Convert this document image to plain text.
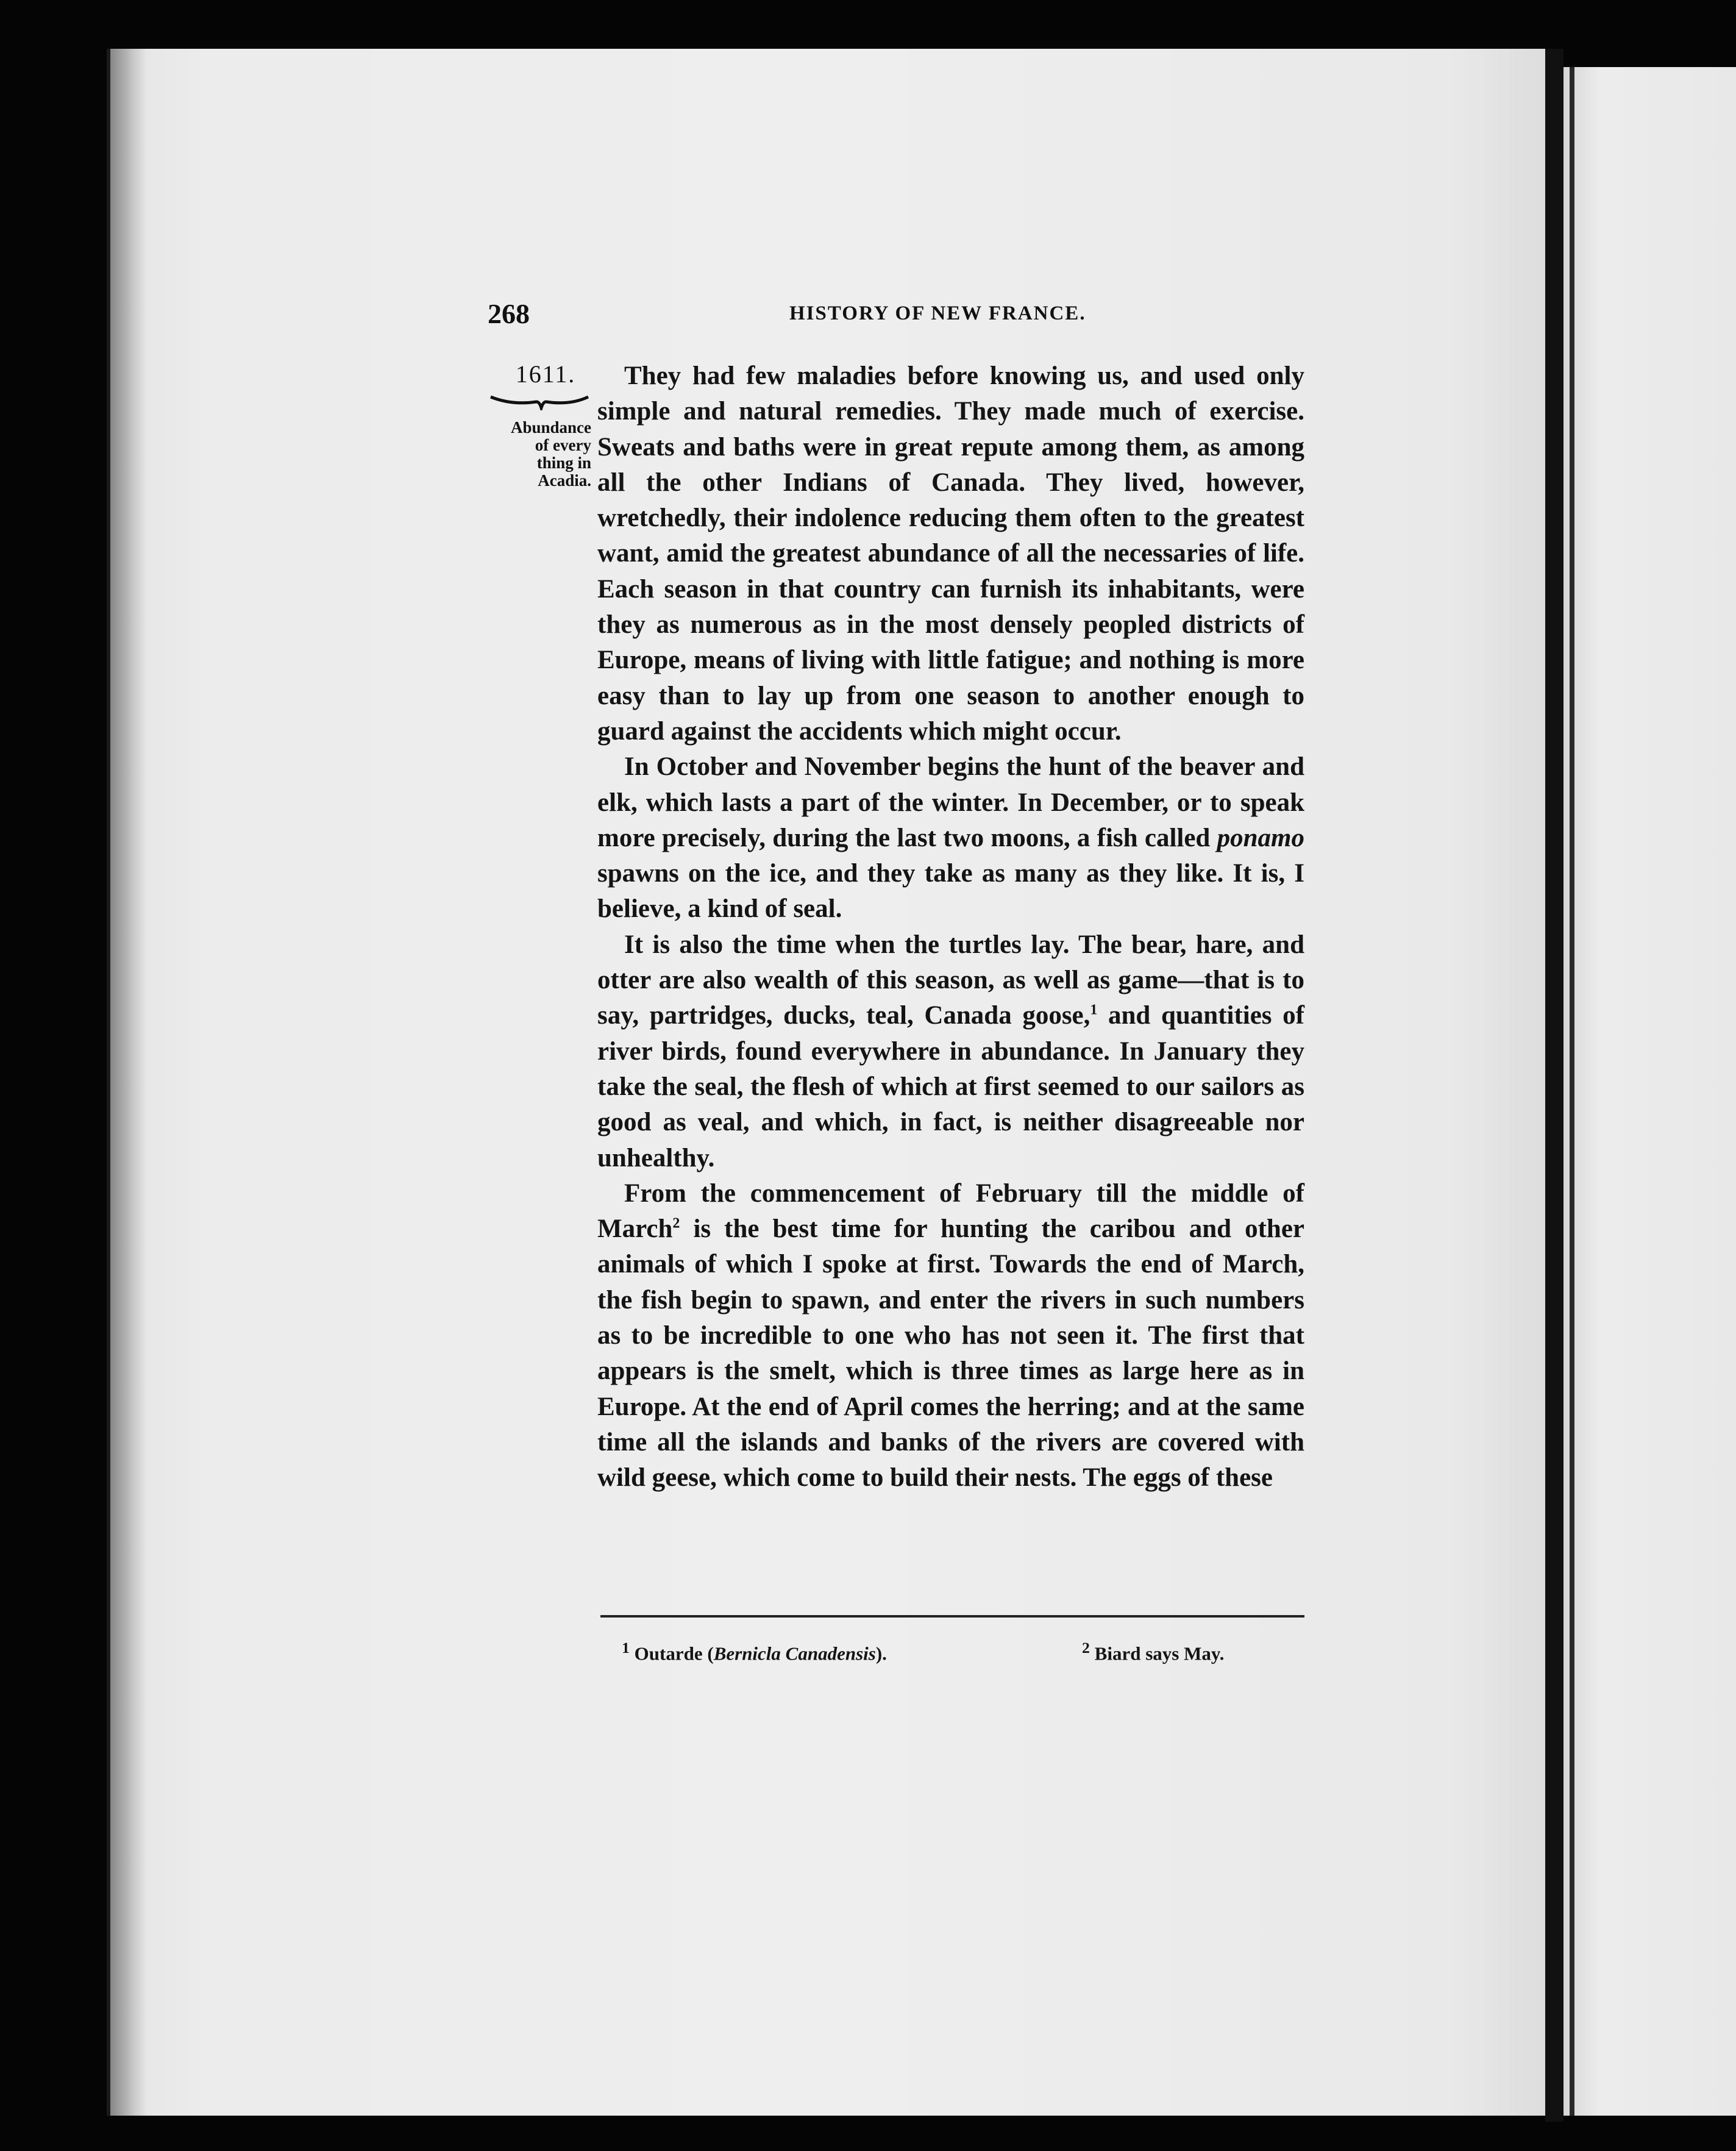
268	HISTORY OF NEW FRANCE.
1611.
Abundance
of every
thing in
Acadia.

They had few maladies before knowing us, and used only simple and natural remedies. They made much of exercise. Sweats and baths were in great repute among them, as among all the other Indians of Canada. They lived, however, wretchedly, their indolence reducing them often to the greatest want, amid the greatest abundance of all the necessaries of life. Each season in that country can furnish its inhabitants, were they as numerous as in the most densely peopled districts of Europe, means of living with little fatigue; and nothing is more easy than to lay up from one season to another enough to guard against the accidents which might occur.

In October and November begins the hunt of the beaver and elk, which lasts a part of the winter. In December, or to speak more precisely, during the last two moons, a fish called ponamo spawns on the ice, and they take as many as they like. It is, I believe, a kind of seal.

It is also the time when the turtles lay. The bear, hare, and otter are also wealth of this season, as well as game—that is to say, partridges, ducks, teal, Canada goose,$^1$ and quantities of river birds, found everywhere in abundance. In January they take the seal, the flesh of which at first seemed to our sailors as good as veal, and which, in fact, is neither disagreeable nor unhealthy.

From the commencement of February till the middle of March$^2$ is the best time for hunting the caribou and other animals of which I spoke at first. Towards the end of March, the fish begin to spawn, and enter the rivers in such numbers as to be incredible to one who has not seen it. The first that appears is the smelt, which is three times as large here as in Europe. At the end of April comes the herring; and at the same time all the islands and banks of the rivers are covered with wild geese, which come to build their nests. The eggs of these

$^1$ Outarde (Bernicla Canadensis).	$^2$ Biard says May.
